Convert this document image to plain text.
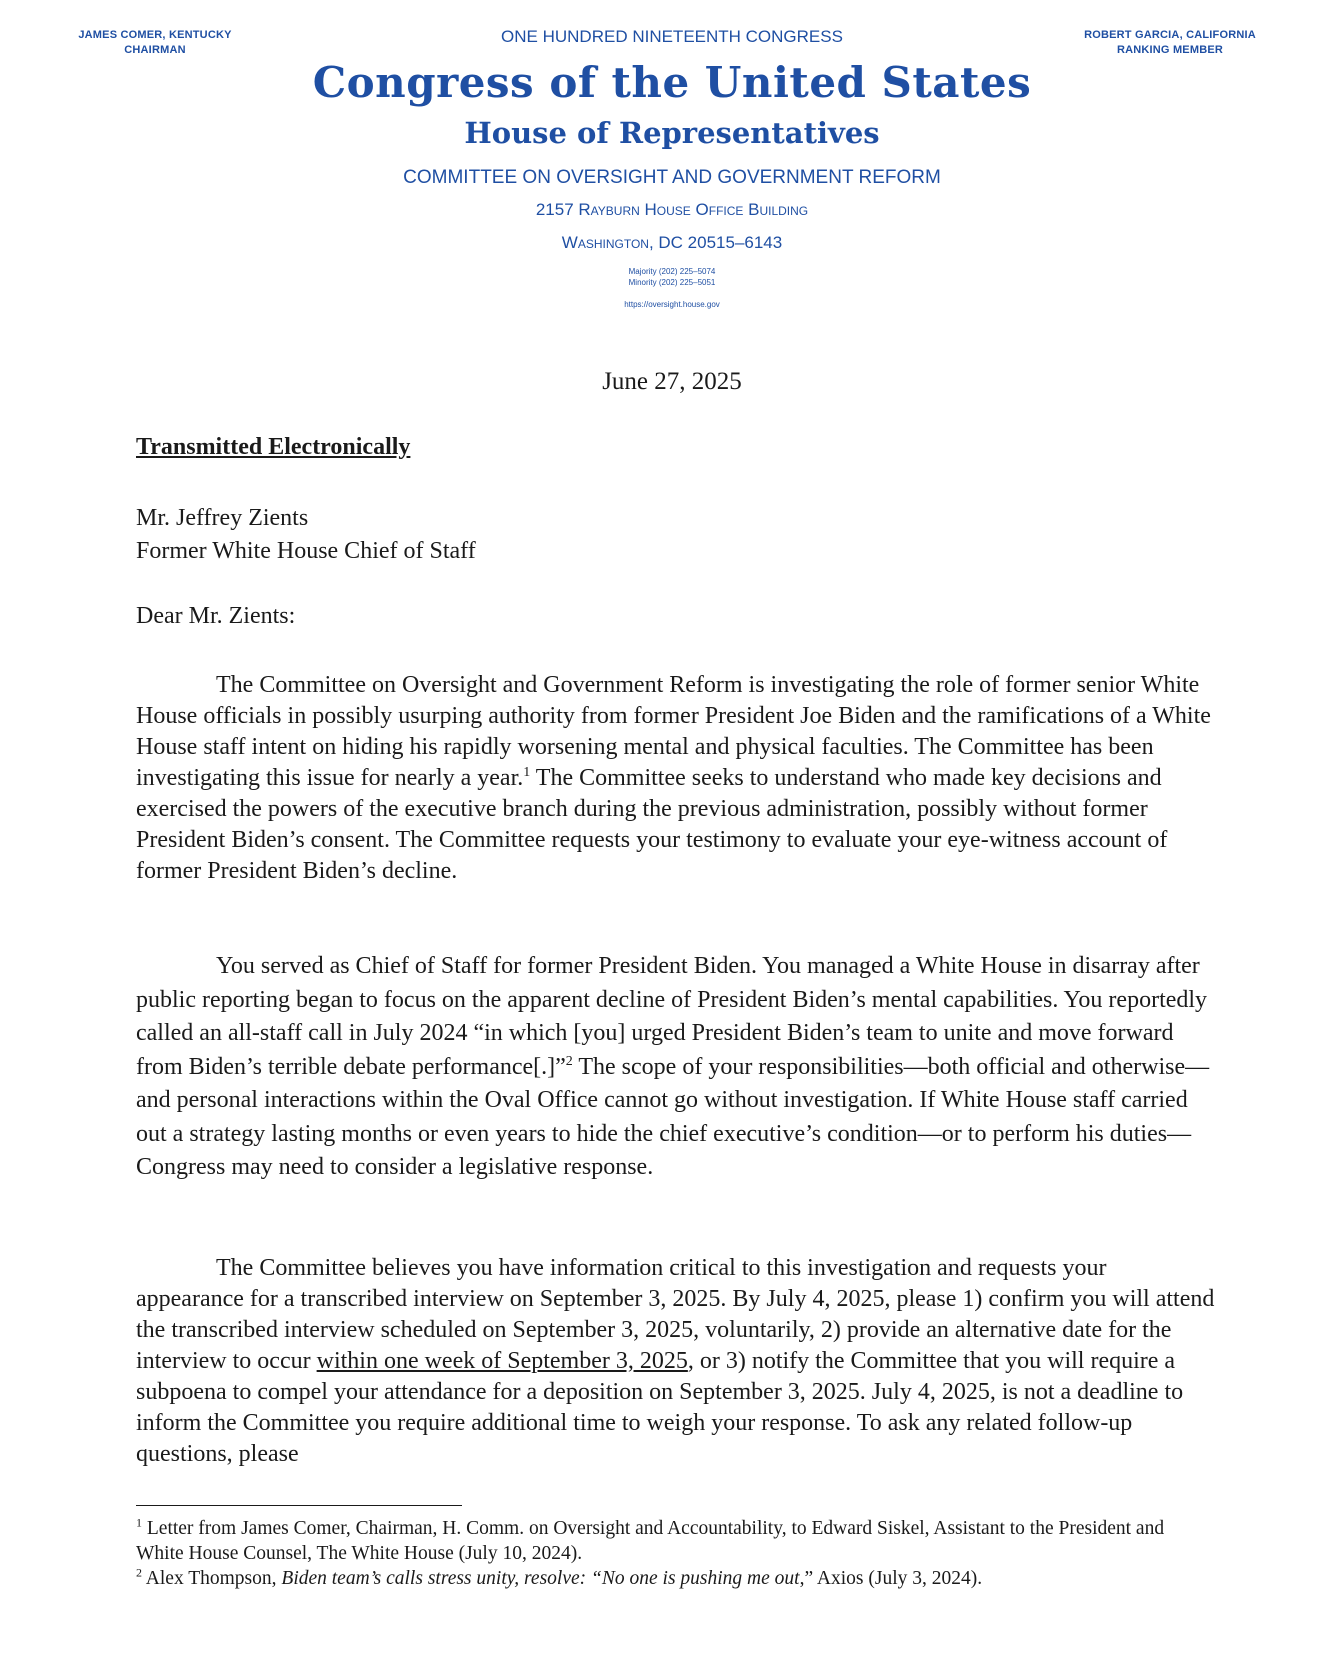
JAMES COMER, KENTUCKY
CHAIRMAN
ROBERT GARCIA, CALIFORNIA
RANKING MEMBER
ONE HUNDRED NINETEENTH CONGRESS
Congress of the United States
House of Representatives
COMMITTEE ON OVERSIGHT AND GOVERNMENT REFORM
2157 Rayburn House Office Building
Washington, DC 20515–6143
Majority (202) 225–5074
Minority (202) 225–5051
https://oversight.house.gov
June 27, 2025
Transmitted Electronically
Mr. Jeffrey Zients
Former White House Chief of Staff
Dear Mr. Zients:

The Committee on Oversight and Government Reform is investigating the role of former senior White House officials in possibly usurping authority from former President Joe Biden and the ramifications of a White House staff intent on hiding his rapidly worsening mental and physical faculties. The Committee has been investigating this issue for nearly a year.$^1$ The Committee seeks to understand who made key decisions and exercised the powers of the executive branch during the previous administration, possibly without former President Biden’s consent. The Committee requests your testimony to evaluate your eye-witness account of former President Biden’s decline.

You served as Chief of Staff for former President Biden. You managed a White House in disarray after public reporting began to focus on the apparent decline of President Biden’s mental capabilities. You reportedly called an all-staff call in July 2024 “in which [you] urged President Biden’s team to unite and move forward from Biden’s terrible debate performance[.]”$^2$ The scope of your responsibilities—both official and otherwise—and personal interactions within the Oval Office cannot go without investigation. If White House staff carried out a strategy lasting months or even years to hide the chief executive’s condition—or to perform his duties—Congress may need to consider a legislative response.

The Committee believes you have information critical to this investigation and requests your appearance for a transcribed interview on September 3, 2025. By July 4, 2025, please 1) confirm you will attend the transcribed interview scheduled on September 3, 2025, voluntarily, 2) provide an alternative date for the interview to occur within one week of September 3, 2025, or 3) notify the Committee that you will require a subpoena to compel your attendance for a deposition on September 3, 2025. July 4, 2025, is not a deadline to inform the Committee you require additional time to weigh your response. To ask any related follow-up questions, please

$^1$ Letter from James Comer, Chairman, H. Comm. on Oversight and Accountability, to Edward Siskel, Assistant to the President and White House Counsel, The White House (July 10, 2024).

$^2$ Alex Thompson, Biden team’s calls stress unity, resolve: “No one is pushing me out,” Axios (July 3, 2024).
